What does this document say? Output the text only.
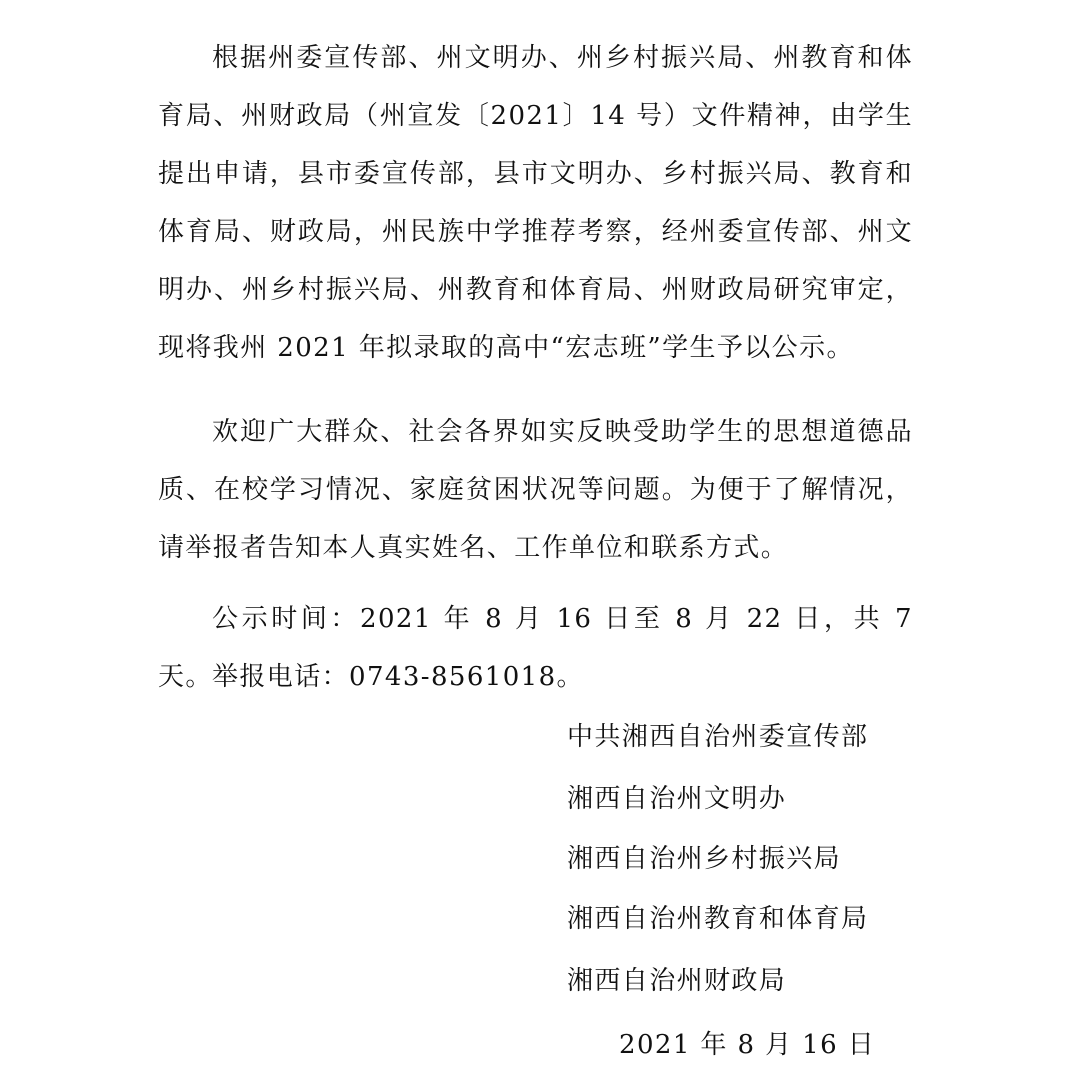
根据州委宣传部、州文明办、州乡村振兴局、州教育和体育局、州财政局（州宣发〔2021〕14 号）文件精神，由学生提出申请，县市委宣传部，县市文明办、乡村振兴局、教育和体育局、财政局，州民族中学推荐考察，经州委宣传部、州文明办、州乡村振兴局、州教育和体育局、州财政局研究审定，现将我州 2021 年拟录取的高中“宏志班”学生予以公示。

欢迎广大群众、社会各界如实反映受助学生的思想道德品质、在校学习情况、家庭贫困状况等问题。为便于了解情况，请举报者告知本人真实姓名、工作单位和联系方式。

公示时间：2021 年 8 月 16 日至 8 月 22 日，共 7 天。 举报电话：0743-8561018。

中共湘西自治州委宣传部

湘西自治州文明办

湘西自治州乡村振兴局

湘西自治州教育和体育局

湘西自治州财政局

2021 年 8 月 16 日
